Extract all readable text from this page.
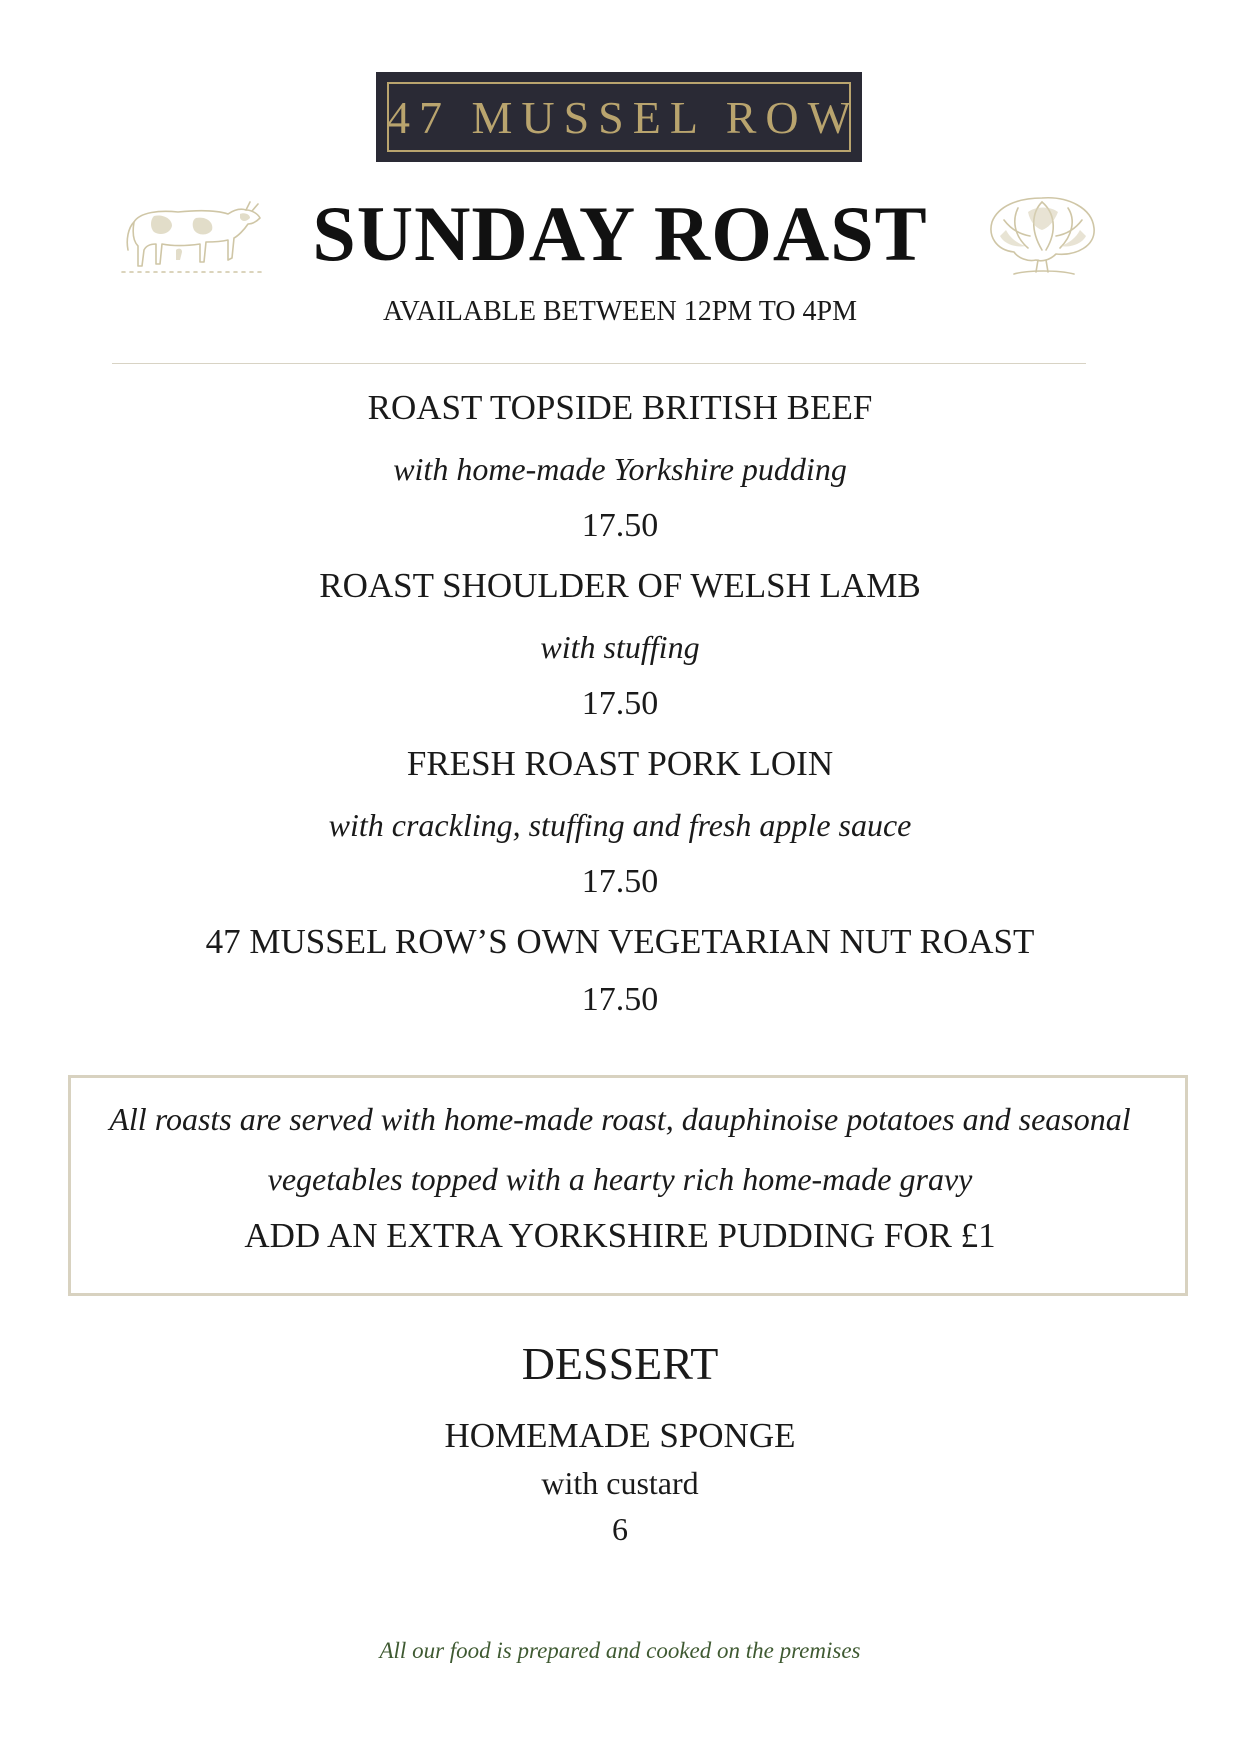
47 MUSSEL ROW
SUNDAY ROAST
AVAILABLE BETWEEN 12PM TO 4PM
ROAST TOPSIDE BRITISH BEEF
with home-made Yorkshire pudding
17.50
ROAST SHOULDER OF WELSH LAMB
with stuffing
17.50
FRESH ROAST PORK LOIN
with crackling, stuffing and fresh apple sauce
17.50
47 MUSSEL ROW’S OWN VEGETARIAN NUT ROAST
17.50
All roasts are served with home-made roast, dauphinoise potatoes and seasonal
vegetables topped with a hearty rich home-made gravy
ADD AN EXTRA YORKSHIRE PUDDING FOR £1
DESSERT
HOMEMADE SPONGE
with custard
6
All our food is prepared and cooked on the premises
